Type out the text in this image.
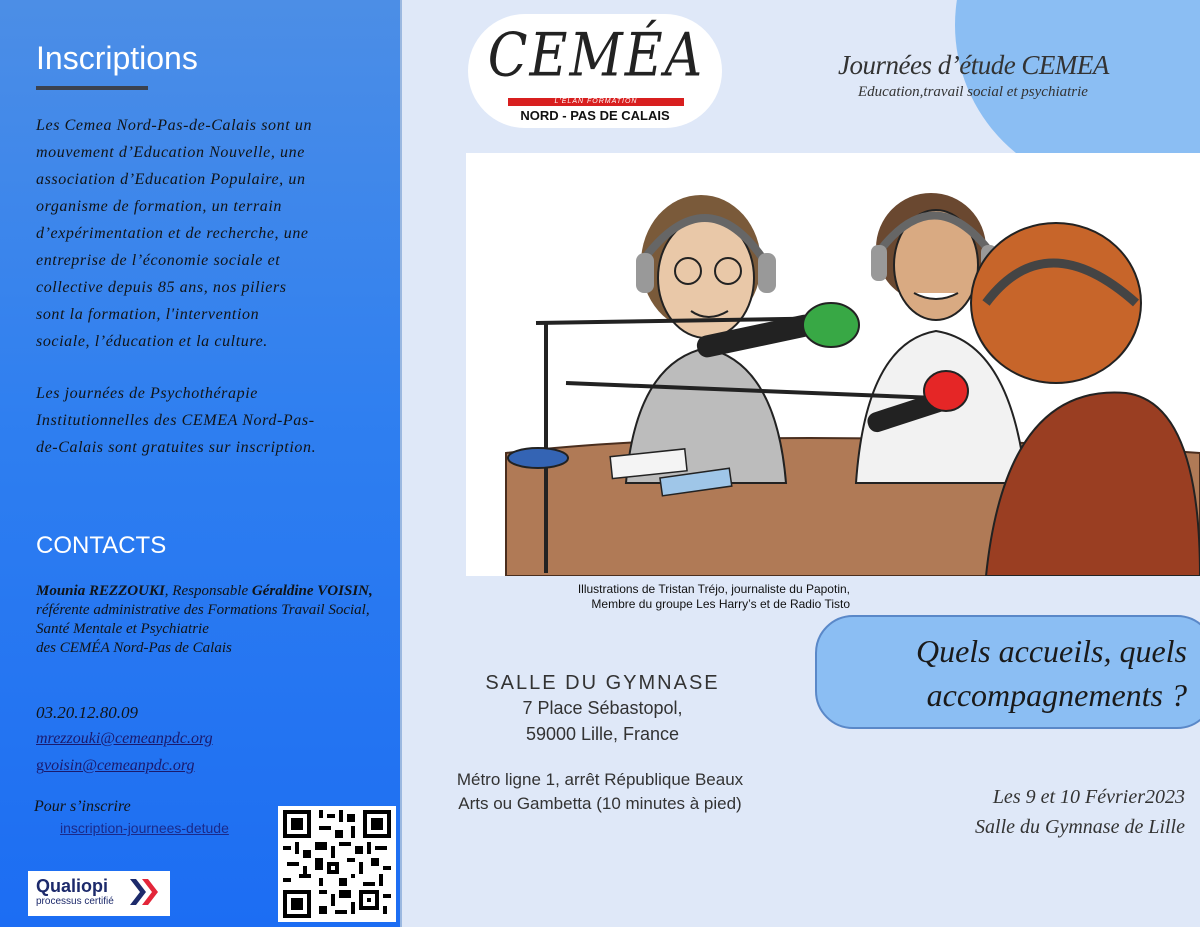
Inscriptions

Les Cemea Nord-Pas-de-Calais sont un
mouvement d’Education Nouvelle, une
association d’Education Populaire, un
organisme de formation, un terrain
d’expérimentation et de recherche, une
entreprise de l’économie sociale et
collective depuis 85 ans, nos piliers
sont la formation, l'intervention
sociale, l’éducation et la culture.

Les journées de Psychothérapie
Institutionnelles des CEMEA Nord-Pas-
de-Calais sont gratuites sur inscription.

CONTACTS
Mounia REZZOUKI, Responsable Géraldine VOISIN, référente administrative des Formations Travail Social, Santé Mentale et Psychiatrie
des CEMÉA Nord-Pas de Calais
03.20.12.80.09
mrezzouki@cemeanpdc.org
gvoisin@cemeanpdc.org
Pour s’inscrire
inscription-journees-detude
Qualiopi
processus certifié
CEMÉA
L'ÉLAN FORMATION
NORD - PAS DE CALAIS
Journées d’étude CEMEA
Education,travail social et psychiatrie
Illustrations de Tristan Tréjo, journaliste du Papotin,
Membre du groupe Les Harry’s et de Radio Tisto
Quels accueils, quels
accompagnements ?
SALLE DU GYMNASE
7 Place Sébastopol,
59000 Lille, France
Métro ligne 1, arrêt République Beaux
Arts ou Gambetta (10 minutes à pied)	Les 9 et 10 Février2023
Salle du Gymnase de Lille
